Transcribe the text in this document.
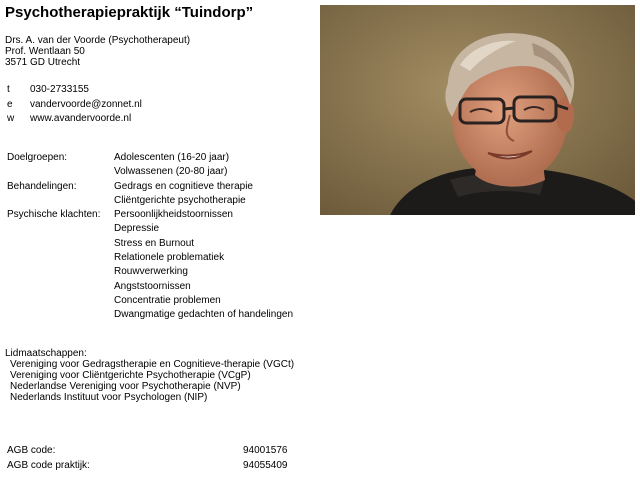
Psychotherapiepraktijk “Tuindorp”
Drs. A. van der Voorde (Psychotherapeut)
Prof. Wentlaan 50
3571 GD Utrecht
t 030-2733155
e vandervoorde@zonnet.nl
w www.avandervoorde.nl
Doelgroepen:	Adolescenten (16-20 jaar)
Volwassenen (20-80 jaar)
Behandelingen:	Gedrags en cognitieve therapie
Cliëntgerichte psychotherapie
Psychische klachten: Persoonlijkheidstoornissen
Depressie
Stress en Burnout
Relationele problematiek
Rouwverwerking
Angststoornissen
Concentratie problemen
Dwangmatige gedachten of handelingen
Lidmaatschappen:
Vereniging voor Gedragstherapie en Cognitieve-therapie (VGCt)
Vereniging voor Cliëntgerichte Psychotherapie (VCgP)
Nederlandse Vereniging voor Psychotherapie (NVP)
Nederlands Instituut voor Psychologen (NIP)
AGB code:	94001576
AGB code praktijk:	94055409
